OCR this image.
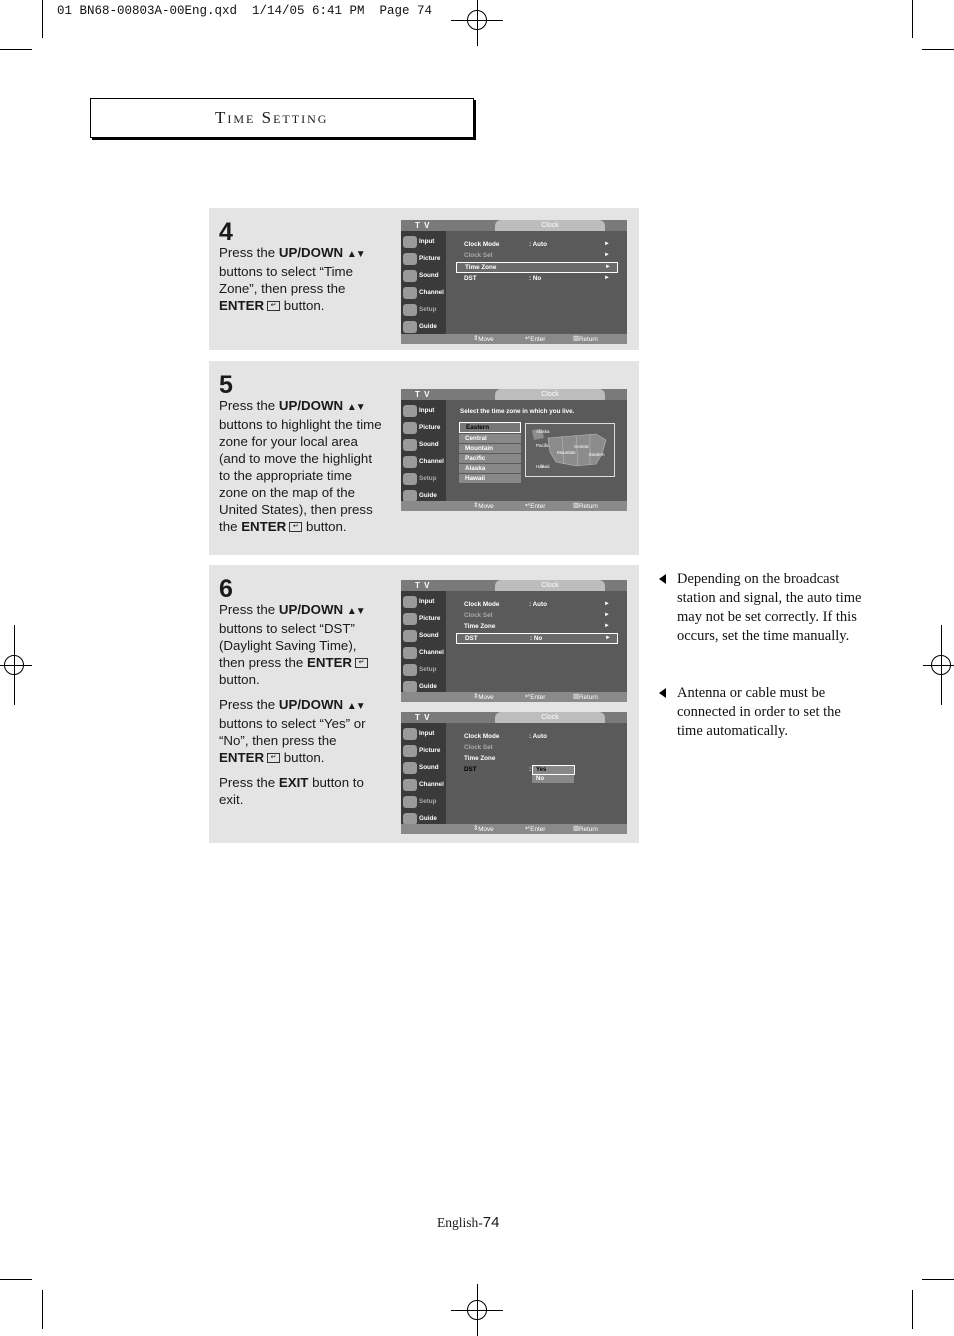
01 BN68-00803A-00Eng.qxd  1/14/05 6:41 PM  Page 74
Time Setting
4

Press the UP/DOWN ▲▼ buttons to select “Time Zone”, then press the ENTER ↵ button.

T V	Clock
Input
Picture
Sound
Channel
Setup
Guide
Clock Mode	: Auto	►
Clock Set	►
Time Zone	►
DST	: No	►
⇕ Move	↵ Enter	▥ Return
5

Press the UP/DOWN ▲▼ buttons to highlight the time zone for your local area (and to move the highlight to the appropriate time zone on the map of the United States), then press the ENTER ↵ button.

T V	Clock
Input
Picture
Sound
Channel
Setup
Guide
Select the time zone in which you live.
Eastern
Central
Mountain
Pacific
Alaska
Hawaii
Alaska
Pacific
Mountain
Central
Eastern
Hawaii
⇕ Move	↵ Enter	▥ Return
6

Press the UP/DOWN ▲▼ buttons to select “DST” (Daylight Saving Time), then press the ENTER ↵ button.

Press the UP/DOWN ▲▼ buttons to select “Yes” or “No”, then press the ENTER ↵ button.

Press the EXIT button to exit.

T V	Clock
Input
Picture
Sound
Channel
Setup
Guide
Clock Mode	: Auto	►
Clock Set	►
Time Zone	►
DST	: No	►
⇕ Move	↵ Enter	▥ Return
T V	Clock
Input
Picture
Sound
Channel
Setup
Guide
Clock Mode	: Auto
Clock Set
Time Zone
DST	: Yes
No
⇕ Move	↵ Enter	▥ Return
Depending on the broadcast station and signal, the auto time may not be set correctly. If this occurs, set the time manually.
Antenna or cable must be connected in order to set the time automatically.
English-74
